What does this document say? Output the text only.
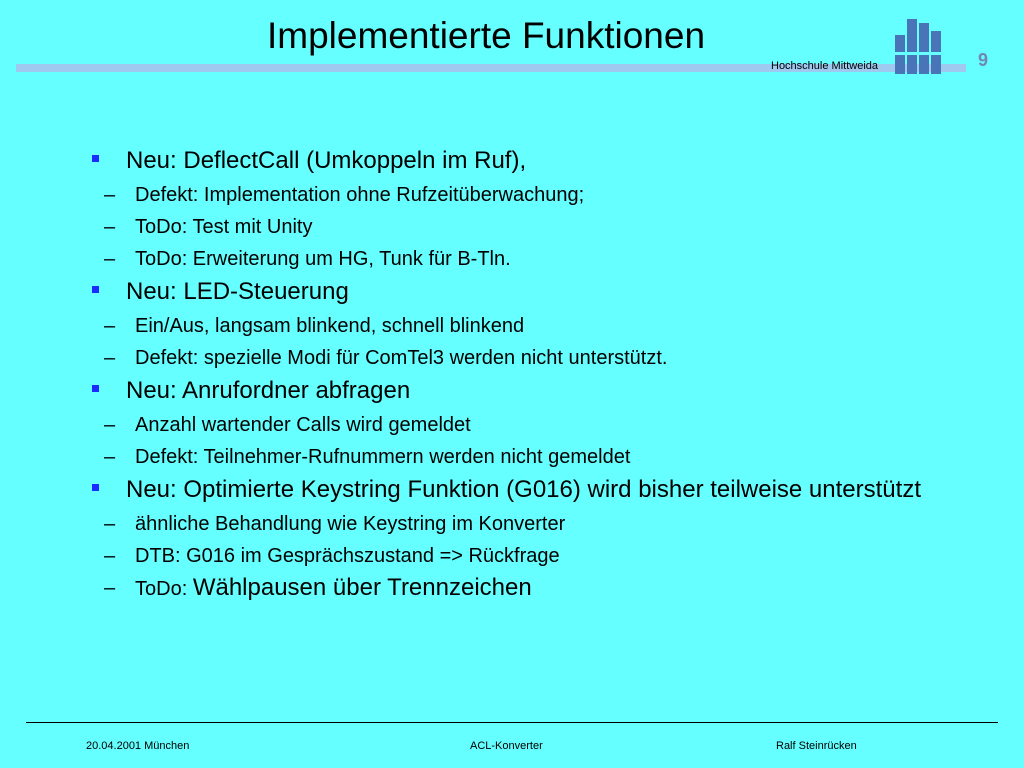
Implementierte Funktionen
Hochschule Mittweida	9
Neu: DeflectCall (Umkoppeln im Ruf),
– Defekt: Implementation ohne Rufzeitüberwachung;
– ToDo: Test mit Unity
– ToDo: Erweiterung um HG, Tunk für B-Tln.
Neu: LED-Steuerung
– Ein/Aus, langsam blinkend, schnell blinkend
– Defekt: spezielle Modi für ComTel3 werden nicht unterstützt.
Neu: Anrufordner abfragen
– Anzahl wartender Calls wird gemeldet
– Defekt: Teilnehmer-Rufnummern werden nicht gemeldet
Neu: Optimierte Keystring Funktion (G016) wird bisher teilweise unterstützt
– ähnliche Behandlung wie Keystring im Konverter
– DTB: G016 im Gesprächszustand => Rückfrage
– ToDo: Wählpausen über Trennzeichen
20.04.2001 München	ACL-Konverter	Ralf Steinrücken
